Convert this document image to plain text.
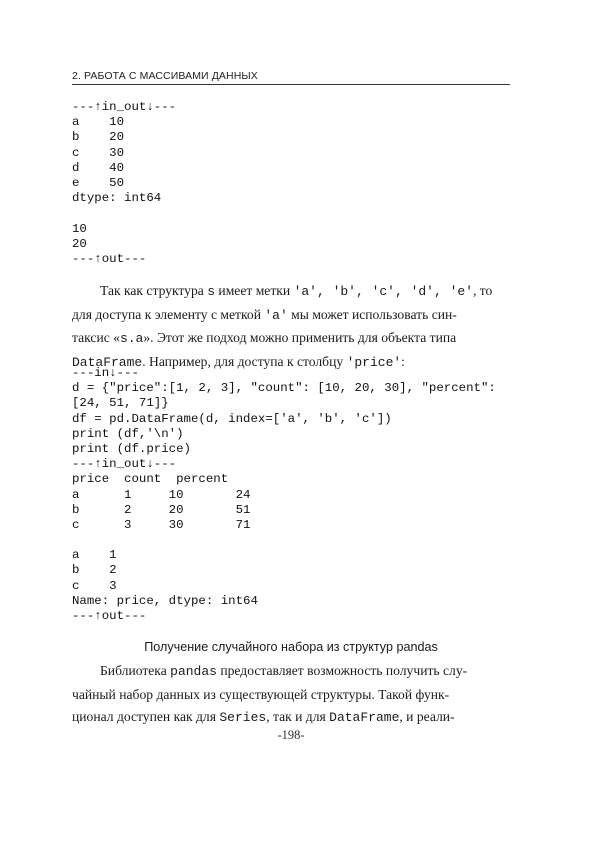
2. РАБОТА С МАССИВАМИ ДАННЫХ
---↑in_out↓---
a    10
b    20
c    30
d    40
e    50
dtype: int64
10
20
---↑out---
Так как структура s имеет метки 'a', 'b', 'c', 'd', 'e', то
для доступа к элементу с меткой 'a' мы может использовать син-
таксис «s.a». Этот же подход можно применить для объекта типа
DataFrame. Например, для доступа к столбцу 'price':
---in↓---
d = {"price":[1, 2, 3], "count": [10, 20, 30], "percent":
[24, 51, 71]}
df = pd.DataFrame(d, index=['a', 'b', 'c'])
print (df,'\n')
print (df.price)
---↑in_out↓---
price  count  percent
a      1     10       24
b      2     20       51
c      3     30       71
a    1
b    2
c    3
Name: price, dtype: int64
---↑out---
Получение случайного набора из структур pandas
Библиотека pandas предоставляет возможность получить слу-
чайный набор данных из существующей структуры. Такой функ-
ционал доступен как для Series, так и для DataFrame, и реали-
-198-
